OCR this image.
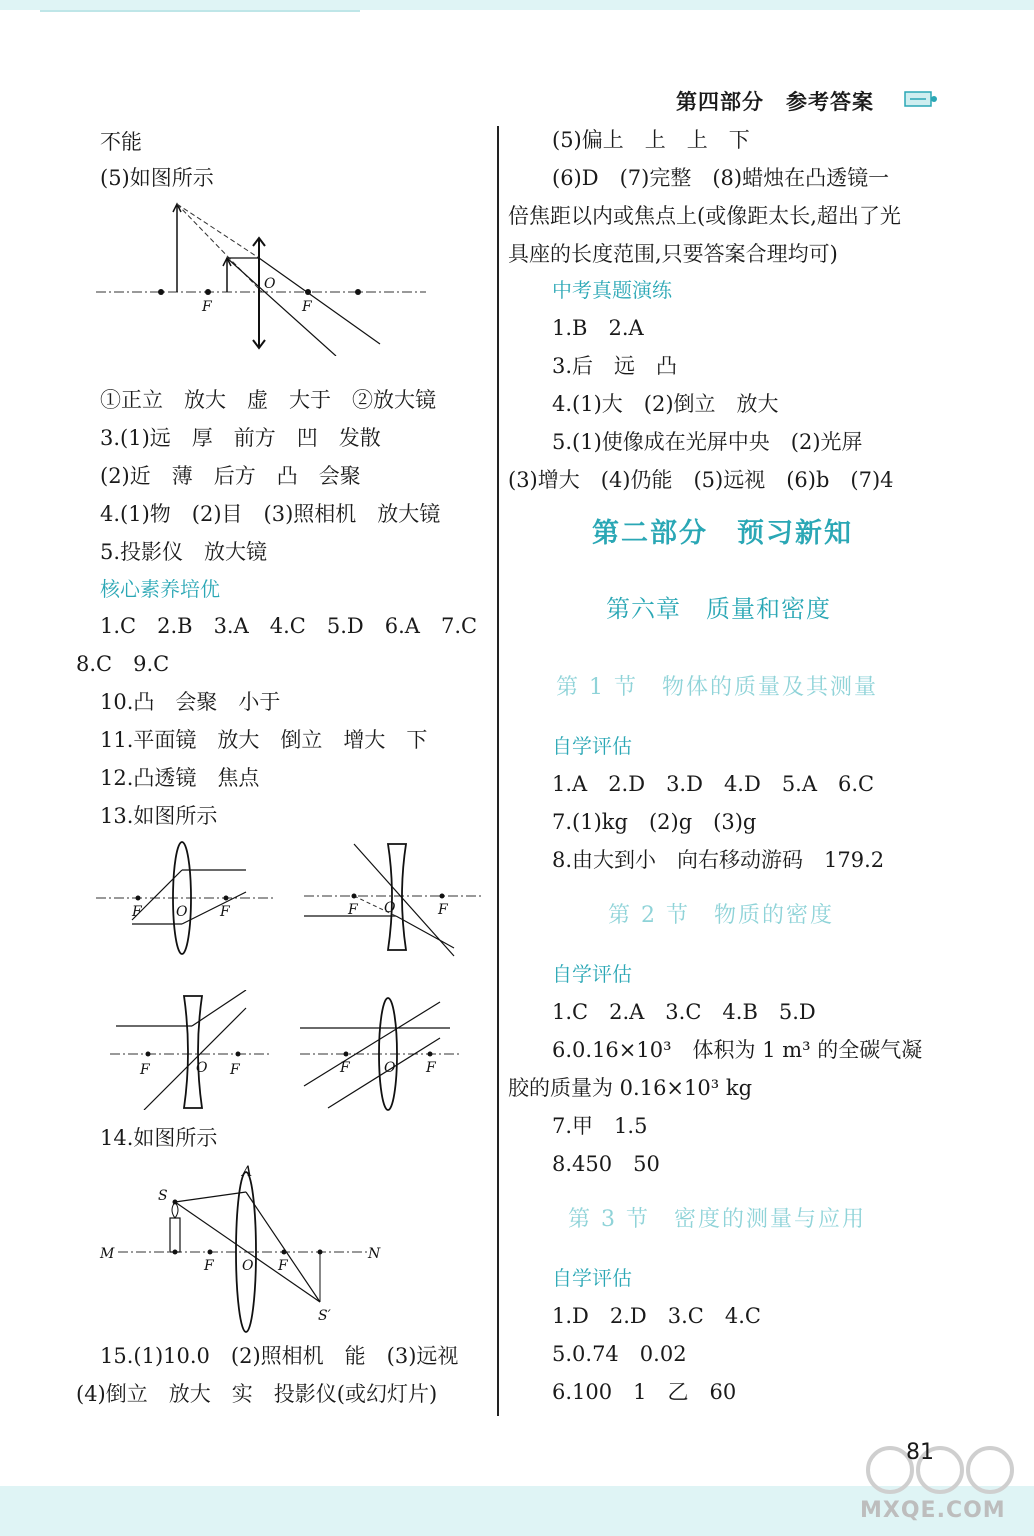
第四部分 参考答案
不能
(5)如图所示
F
O
F
①正立　放大　虚　大于　②放大镜
3.(1)远　厚　前方　凹　发散
(2)近　薄　后方　凸　会聚
4.(1)物　(2)目　(3)照相机　放大镜
5.投影仪　放大镜
核心素养培优
1.C　2.B　3.A　4.C　5.D　6.A　7.C
8.C　9.C
10.凸　会聚　小于
11.平面镜　放大　倒立　增大　下
12.凸透镜　焦点
13.如图所示
F O F	F O	F
F	O F	F O F
14.如图所示
A
S
M
F O F
N
S′
15.(1)10.0　(2)照相机　能　(3)远视
(4)倒立　放大　实　投影仪(或幻灯片)
(5)偏上　上　上　下
(6)D　(7)完整　(8)蜡烛在凸透镜一
倍焦距以内或焦点上(或像距太长,超出了光
具座的长度范围,只要答案合理均可)
中考真题演练
1.B　2.A
3.后　远　凸
4.(1)大　(2)倒立　放大
5.(1)使像成在光屏中央　(2)光屏
(3)增大　(4)仍能　(5)远视　(6)b　(7)4
第二部分　预习新知
第六章　质量和密度
第 1 节　物体的质量及其测量
自学评估
1.A　2.D　3.D　4.D　5.A　6.C
7.(1)kg　(2)g　(3)g
8.由大到小　向右移动游码　179.2
第 2 节　物质的密度
自学评估
1.C　2.A　3.C　4.B　5.D
6.0.16×10³　体积为 1 m³ 的全碳气凝
胶的质量为 0.16×10³ kg
7.甲　1.5
8.450　50
第 3 节　密度的测量与应用
自学评估
1.D　2.D　3.C　4.C
5.0.74　0.02
6.100　1　乙　60
81
MXQE.COM
